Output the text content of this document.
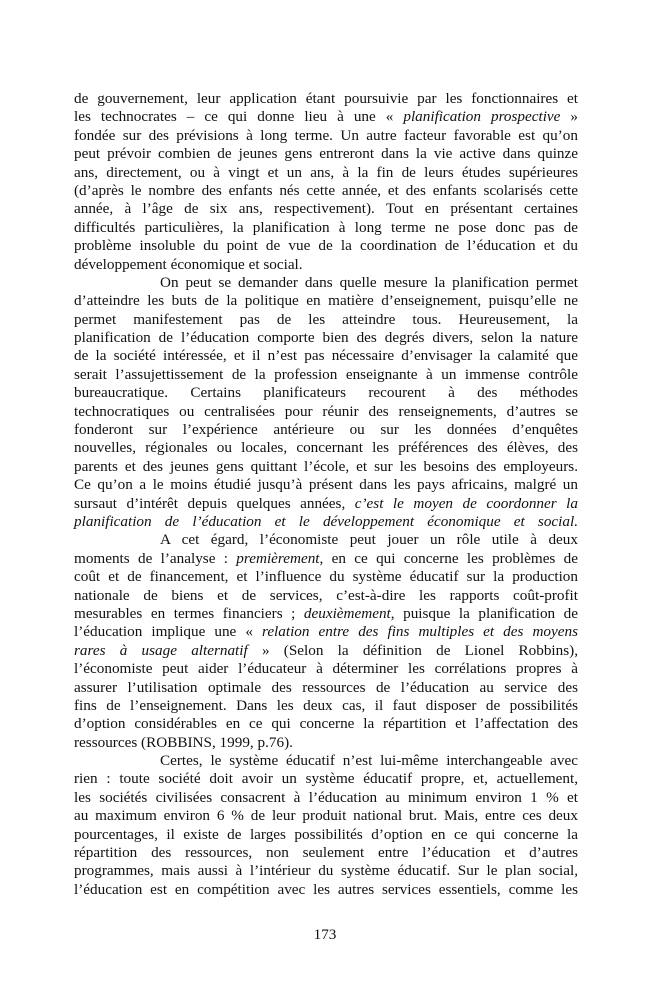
de gouvernement, leur application étant poursuivie par les fonctionnaires et
les technocrates – ce qui donne lieu à une « planification prospective »
fondée sur des prévisions à long terme. Un autre facteur favorable est qu’on
peut prévoir combien de jeunes gens entreront dans la vie active dans quinze
ans, directement, ou à vingt et un ans, à la fin de leurs études supérieures
(d’après le nombre des enfants nés cette année, et des enfants scolarisés cette
année, à l’âge de six ans, respectivement). Tout en présentant certaines
difficultés particulières, la planification à long terme ne pose donc pas de
problème insoluble du point de vue de la coordination de l’éducation et du
développement économique et social.
On peut se demander dans quelle mesure la planification permet
d’atteindre les buts de la politique en matière d’enseignement, puisqu’elle ne
permet manifestement pas de les atteindre tous. Heureusement, la
planification de l’éducation comporte bien des degrés divers, selon la nature
de la société intéressée, et il n’est pas nécessaire d’envisager la calamité que
serait l’assujettissement de la profession enseignante à un immense contrôle
bureaucratique. Certains planificateurs recourent à des méthodes
technocratiques ou centralisées pour réunir des renseignements, d’autres se
fonderont sur l’expérience antérieure ou sur les données d’enquêtes
nouvelles, régionales ou locales, concernant les préférences des élèves, des
parents et des jeunes gens quittant l’école, et sur les besoins des employeurs.
Ce qu’on a le moins étudié jusqu’à présent dans les pays africains, malgré un
sursaut d’intérêt depuis quelques années, c’est le moyen de coordonner la
planification de l’éducation et le développement économique et social.
A cet égard, l’économiste peut jouer un rôle utile à deux
moments de l’analyse : premièrement, en ce qui concerne les problèmes de
coût et de financement, et l’influence du système éducatif sur la production
nationale de biens et de services, c’est-à-dire les rapports coût-profit
mesurables en termes financiers ; deuxièmement, puisque la planification de
l’éducation implique une « relation entre des fins multiples et des moyens
rares à usage alternatif » (Selon la définition de Lionel Robbins),
l’économiste peut aider l’éducateur à déterminer les corrélations propres à
assurer l’utilisation optimale des ressources de l’éducation au service des
fins de l’enseignement. Dans les deux cas, il faut disposer de possibilités
d’option considérables en ce qui concerne la répartition et l’affectation des
ressources (ROBBINS, 1999, p.76).
Certes, le système éducatif n’est lui-même interchangeable avec
rien : toute société doit avoir un système éducatif propre, et, actuellement,
les sociétés civilisées consacrent à l’éducation au minimum environ 1 % et
au maximum environ 6 % de leur produit national brut. Mais, entre ces deux
pourcentages, il existe de larges possibilités d’option en ce qui concerne la
répartition des ressources, non seulement entre l’éducation et d’autres
programmes, mais aussi à l’intérieur du système éducatif. Sur le plan social,
l’éducation est en compétition avec les autres services essentiels, comme les
173
